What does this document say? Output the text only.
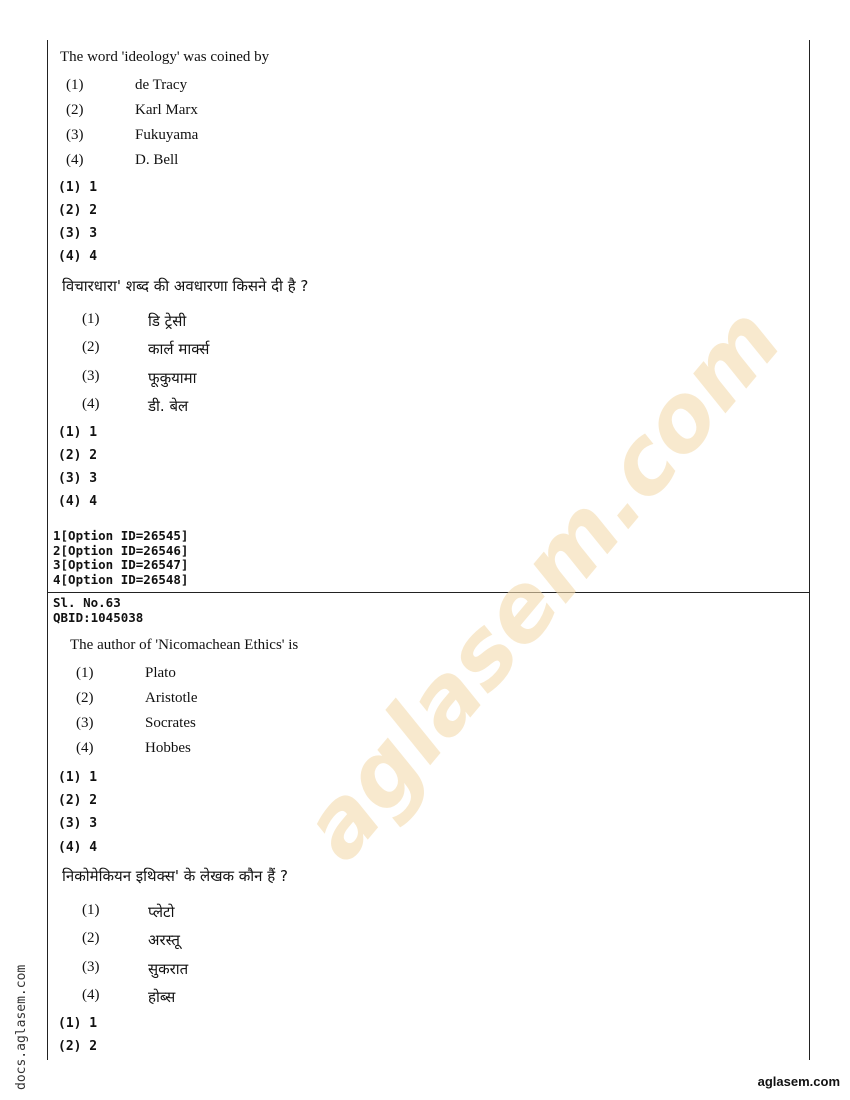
The word 'ideology' was coined by

(1)	de Tracy
(2)	Karl Marx
(3)	Fukuyama
(4)	D. Bell
(1) 1
(2) 2
(3) 3
(4) 4
विचारधारा' शब्द की अवधारणा किसने दी है ?
(1)	डि ट्रेसी
(2)	कार्ल मार्क्स
(3)	फूकुयामा
(4)	डी. बेल
(1) 1
(2) 2
(3) 3
(4) 4
1[Option ID=26545]
2[Option ID=26546]
3[Option ID=26547]
4[Option ID=26548]
Sl. No.63
QBID:1045038

The author of 'Nicomachean Ethics' is

(1)	Plato
(2)	Aristotle
(3)	Socrates
(4)	Hobbes
(1) 1
(2) 2
(3) 3
(4) 4
निकोमेकियन इथिक्स' के लेखक कौन हैं ?
(1)	प्लेटो
(2)	अरस्तू
(3)	सुकरात
(4)	होब्स
(1) 1
(2) 2
aglasem.com
docs.aglasem.com	aglasem.com
